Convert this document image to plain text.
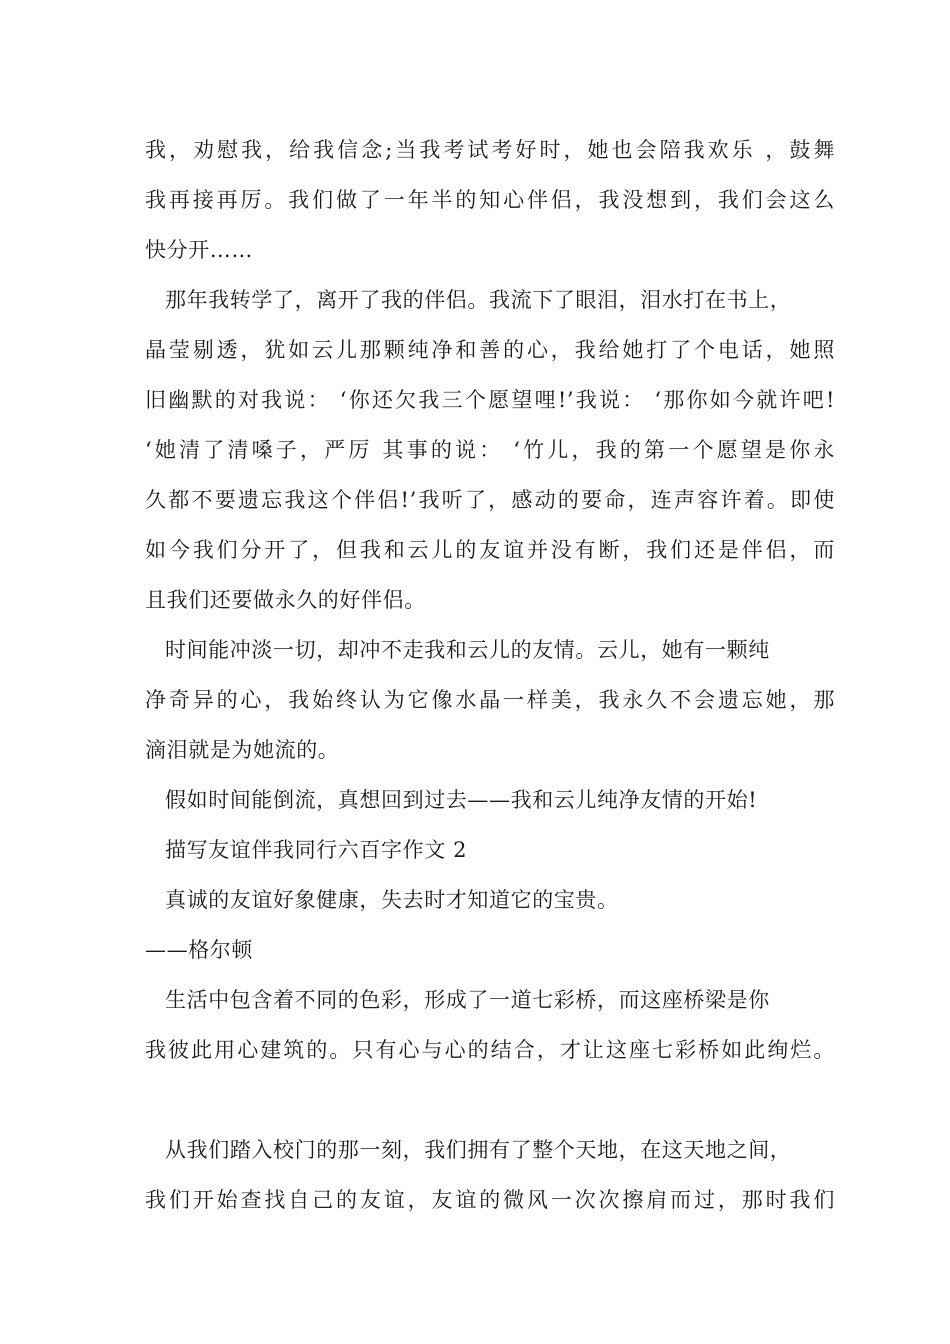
我，劝慰我，给我信念;当我考试考好时，她也会陪我欢乐 ，鼓舞
我再接再厉。我们做了一年半的知心伴侣，我没想到，我们会这么
快分开……
那年我转学了，离开了我的伴侣。我流下了眼泪，泪水打在书上，
晶莹剔透，犹如云儿那颗纯净和善的心，我给她打了个电话，她照
旧幽默的对我说： ‘你还欠我三个愿望哩!’我说： ‘那你如今就许吧!
‘她清了清嗓子，严厉 其事的说： ‘竹儿，我的第一个愿望是你永
久都不要遗忘我这个伴侣!’我听了，感动的要命，连声容许着。即使
如今我们分开了，但我和云儿的友谊并没有断，我们还是伴侣，而
且我们还要做永久的好伴侣。
时间能冲淡一切，却冲不走我和云儿的友情。云儿，她有一颗纯
净奇异的心，我始终认为它像水晶一样美，我永久不会遗忘她，那
滴泪就是为她流的。
假如时间能倒流，真想回到过去——我和云儿纯净友情的开始!
描写友谊伴我同行六百字作文 2
真诚的友谊好象健康，失去时才知道它的宝贵。
——格尔顿
生活中包含着不同的色彩，形成了一道七彩桥，而这座桥梁是你
我彼此用心建筑的。只有心与心的结合，才让这座七彩桥如此绚烂。
从我们踏入校门的那一刻，我们拥有了整个天地，在这天地之间，
我们开始查找自己的友谊，友谊的微风一次次擦肩而过，那时我们
